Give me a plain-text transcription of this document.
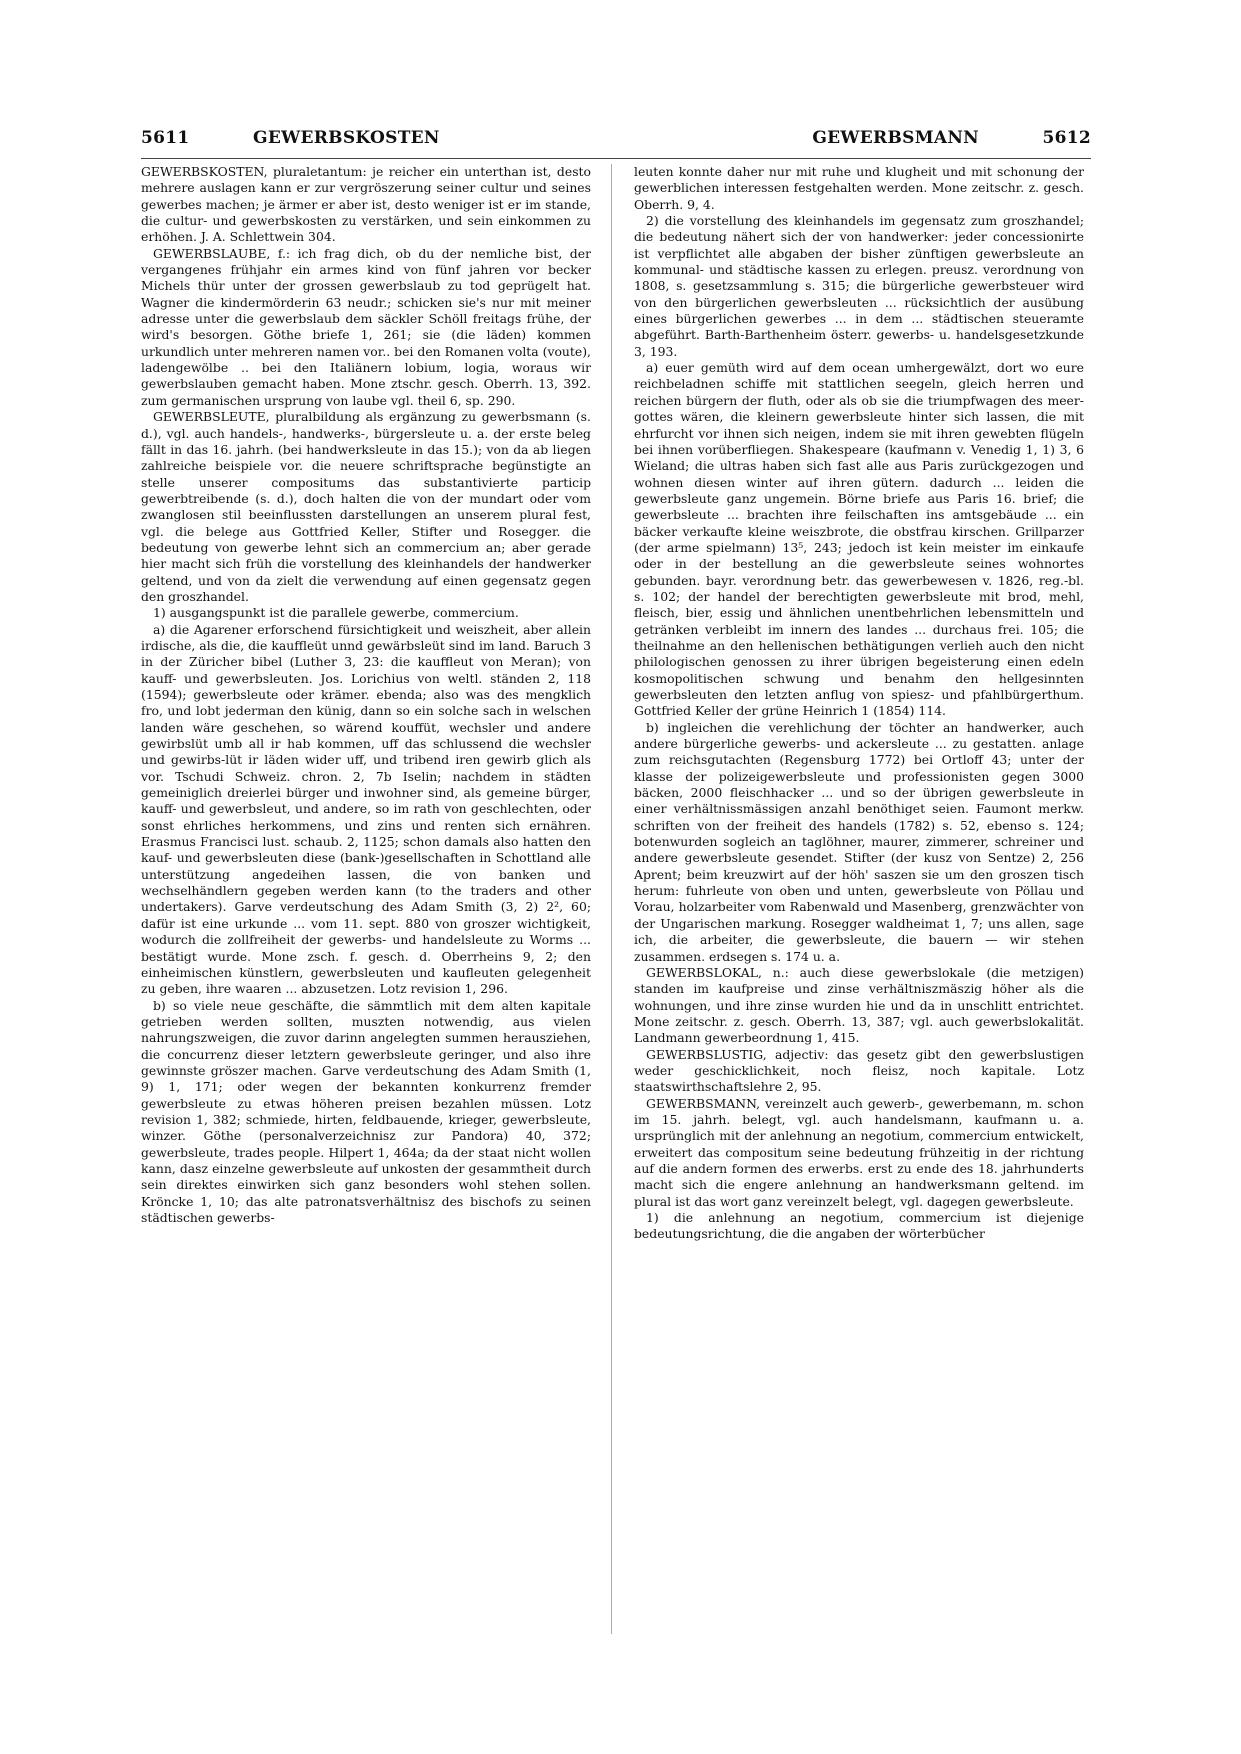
5611	GEWERBSKOSTEN	GEWERBSMANN	5612

GEWERBSKOSTEN, pluraletantum: je reicher ein unterthan ist, desto mehrere auslagen kann er zur vergröszerung seiner cultur und seines gewerbes machen; je ärmer er aber ist, desto weniger ist er im stande, die cultur- und gewerbskosten zu verstärken, und sein einkommen zu erhöhen. J. A. Schlettwein 304.

GEWERBSLAUBE, f.: ich frag dich, ob du der nemliche bist, der vergangenes frühjahr ein armes kind von fünf jahren vor becker Michels thür unter der grossen gewerbslaub zu tod geprügelt hat. Wagner die kindermörderin 63 neudr.; schicken sie's nur mit meiner adresse unter die gewerbslaub dem säckler Schöll freitags frühe, der wird's besorgen. Göthe briefe 1, 261; sie (die läden) kommen urkundlich unter mehreren namen vor.. bei den Romanen volta (voute), ladengewölbe .. bei den Italiänern lobium, logia, woraus wir gewerbslauben gemacht haben. Mone ztschr. gesch. Oberrh. 13, 392. zum germanischen ursprung von laube vgl. theil 6, sp. 290.

GEWERBSLEUTE, pluralbildung als ergänzung zu gewerbsmann (s. d.), vgl. auch handels-, handwerks-, bürgersleute u. a. der erste beleg fällt in das 16. jahrh. (bei handwerksleute in das 15.); von da ab liegen zahlreiche beispiele vor. die neuere schriftsprache begünstigte an stelle unserer compositums das substantivierte particip gewerbtreibende (s. d.), doch halten die von der mundart oder vom zwanglosen stil beeinflussten darstellungen an unserem plural fest, vgl. die belege aus Gottfried Keller, Stifter und Rosegger. die bedeutung von gewerbe lehnt sich an commercium an; aber gerade hier macht sich früh die vorstellung des kleinhandels der handwerker geltend, und von da zielt die verwendung auf einen gegensatz gegen den groszhandel.

1) ausgangspunkt ist die parallele gewerbe, commercium.

a) die Agarener erforschend fürsichtigkeit und weiszheit, aber allein irdische, als die, die kauffleüt unnd gewärbsleüt sind im land. Baruch 3 in der Züricher bibel (Luther 3, 23: die kauffleut von Meran); von kauff- und gewerbsleuten. Jos. Lorichius von weltl. ständen 2, 118 (1594); gewerbsleute oder krämer. ebenda; also was des mengklich fro, und lobt jederman den künig, dann so ein solche sach in welschen landen wäre geschehen, so wärend kouffüt, wechsler und andere gewirbslüt umb all ir hab kommen, uff das schlussend die wechsler und gewirbs-lüt ir läden wider uff, und tribend iren gewirb glich als vor. Tschudi Schweiz. chron. 2, 7b Iselin; nachdem in städten gemeiniglich dreierlei bürger und inwohner sind, als gemeine bürger, kauff- und gewerbsleut, und andere, so im rath von geschlechten, oder sonst ehrliches herkommens, und zins und renten sich ernähren. Erasmus Francisci lust. schaub. 2, 1125; schon damals also hatten den kauf- und gewerbsleuten diese (bank-)gesellschaften in Schottland alle unterstützung angedeihen lassen, die von banken und wechselhändlern gegeben werden kann (to the traders and other undertakers). Garve verdeutschung des Adam Smith (3, 2) 2², 60; dafür ist eine urkunde ... vom 11. sept. 880 von groszer wichtigkeit, wodurch die zollfreiheit der gewerbs- und handelsleute zu Worms ... bestätigt wurde. Mone zsch. f. gesch. d. Oberrheins 9, 2; den einheimischen künstlern, gewerbsleuten und kaufleuten gelegenheit zu geben, ihre waaren ... abzusetzen. Lotz revision 1, 296.

b) so viele neue geschäfte, die sämmtlich mit dem alten kapitale getrieben werden sollten, muszten notwendig, aus vielen nahrungszweigen, die zuvor darinn angelegten summen herausziehen, die concurrenz dieser letztern gewerbsleute geringer, und also ihre gewinnste gröszer machen. Garve verdeutschung des Adam Smith (1, 9) 1, 171; oder wegen der bekannten konkurrenz fremder gewerbsleute zu etwas höheren preisen bezahlen müssen. Lotz revision 1, 382; schmiede, hirten, feldbauende, krieger, gewerbsleute, winzer. Göthe (personalverzeichnisz zur Pandora) 40, 372; gewerbsleute, trades people. Hilpert 1, 464a; da der staat nicht wollen kann, dasz einzelne gewerbsleute auf unkosten der gesammtheit durch sein direktes einwirken sich ganz besonders wohl stehen sollen. Kröncke 1, 10; das alte patronatsverhältnisz des bischofs zu seinen städtischen gewerbs-

leuten konnte daher nur mit ruhe und klugheit und mit schonung der gewerblichen interessen festgehalten werden. Mone zeitschr. z. gesch. Oberrh. 9, 4.

2) die vorstellung des kleinhandels im gegensatz zum groszhandel; die bedeutung nähert sich der von handwerker: jeder concessionirte ist verpflichtet alle abgaben der bisher zünftigen gewerbsleute an kommunal- und städtische kassen zu erlegen. preusz. verordnung von 1808, s. gesetzsammlung s. 315; die bürgerliche gewerbsteuer wird von den bürgerlichen gewerbsleuten ... rücksichtlich der ausübung eines bürgerlichen gewerbes ... in dem ... städtischen steueramte abgeführt. Barth-Barthenheim österr. gewerbs- u. handelsgesetzkunde 3, 193.

a) euer gemüth wird auf dem ocean umhergewälzt, dort wo eure reichbeladnen schiffe mit stattlichen seegeln, gleich herren und reichen bürgern der fluth, oder als ob sie die triumpfwagen des meer-gottes wären, die kleinern gewerbsleute hinter sich lassen, die mit ehrfurcht vor ihnen sich neigen, indem sie mit ihren gewebten flügeln bei ihnen vorüberfliegen. Shakespeare (kaufmann v. Venedig 1, 1) 3, 6 Wieland; die ultras haben sich fast alle aus Paris zurückgezogen und wohnen diesen winter auf ihren gütern. dadurch ... leiden die gewerbsleute ganz ungemein. Börne briefe aus Paris 16. brief; die gewerbsleute ... brachten ihre feilschaften ins amtsgebäude ... ein bäcker verkaufte kleine weiszbrote, die obstfrau kirschen. Grillparzer (der arme spielmann) 13⁵, 243; jedoch ist kein meister im einkaufe oder in der bestellung an die gewerbsleute seines wohnortes gebunden. bayr. verordnung betr. das gewerbewesen v. 1826, reg.-bl. s. 102; der handel der berechtigten gewerbsleute mit brod, mehl, fleisch, bier, essig und ähnlichen unentbehrlichen lebensmitteln und getränken verbleibt im innern des landes ... durchaus frei. 105; die theilnahme an den hellenischen bethätigungen verlieh auch den nicht philologischen genossen zu ihrer übrigen begeisterung einen edeln kosmopolitischen schwung und benahm den hellgesinnten gewerbsleuten den letzten anflug von spiesz- und pfahlbürgerthum. Gottfried Keller der grüne Heinrich 1 (1854) 114.

b) ingleichen die verehlichung der töchter an handwerker, auch andere bürgerliche gewerbs- und ackersleute ... zu gestatten. anlage zum reichsgutachten (Regensburg 1772) bei Ortloff 43; unter der klasse der polizeigewerbsleute und professionisten gegen 3000 bäcken, 2000 fleischhacker ... und so der übrigen gewerbsleute in einer verhältnissmässigen anzahl benöthiget seien. Faumont merkw. schriften von der freiheit des handels (1782) s. 52, ebenso s. 124; botenwurden sogleich an taglöhner, maurer, zimmerer, schreiner und andere gewerbsleute gesendet. Stifter (der kusz von Sentze) 2, 256 Aprent; beim kreuzwirt auf der höh' saszen sie um den groszen tisch herum: fuhrleute von oben und unten, gewerbsleute von Pöllau und Vorau, holzarbeiter vom Rabenwald und Masenberg, grenzwächter von der Ungarischen markung. Rosegger waldheimat 1, 7; uns allen, sage ich, die arbeiter, die gewerbsleute, die bauern — wir stehen zusammen. erdsegen s. 174 u. a.

GEWERBSLOKAL, n.: auch diese gewerbslokale (die metzigen) standen im kaufpreise und zinse verhältniszmäszig höher als die wohnungen, und ihre zinse wurden hie und da in unschlitt entrichtet. Mone zeitschr. z. gesch. Oberrh. 13, 387; vgl. auch gewerbslokalität. Landmann gewerbeordnung 1, 415.

GEWERBSLUSTIG, adjectiv: das gesetz gibt den gewerbslustigen weder geschicklichkeit, noch fleisz, noch kapitale. Lotz staatswirthschaftslehre 2, 95.

GEWERBSMANN, vereinzelt auch gewerb-, gewerbemann, m. schon im 15. jahrh. belegt, vgl. auch handelsmann, kaufmann u. a. ursprünglich mit der anlehnung an negotium, commercium entwickelt, erweitert das compositum seine bedeutung frühzeitig in der richtung auf die andern formen des erwerbs. erst zu ende des 18. jahrhunderts macht sich die engere anlehnung an handwerksmann geltend. im plural ist das wort ganz vereinzelt belegt, vgl. dagegen gewerbsleute.

1) die anlehnung an negotium, commercium ist diejenige bedeutungsrichtung, die die angaben der wörterbücher
